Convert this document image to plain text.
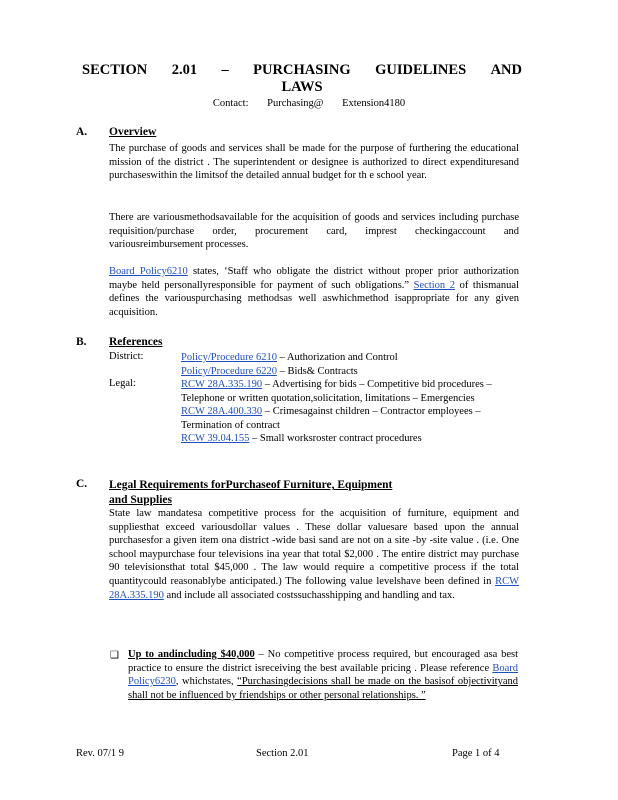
SECTION 2.01 – PURCHASING GUIDELINES AND
LAWS
Contact: Purchasing@ Extension4180
A. Overview
The purchase of goods and services shall be made for the purpose of furthering the educational mission of the district . The superintendent or designee is authorized to direct expendituresand purchaseswithin the limitsof the detailed annual budget for th e school year.
There are variousmethodsavailable for the acquisition of goods and services including purchase requisition/purchase order, procurement card, imprest checkingaccount and variousreimbursement processes.
Board Policy6210 states, ‘Staff who obligate the district without proper prior authorization maybe held personallyresponsible for payment of such obligations.” Section 2 of thismanual defines the variouspurchasing methodsas well aswhichmethod isappropriate for any given acquisition.
B. References
District:	Policy/Procedure 6210 – Authorization and Control
Policy/Procedure 6220 – Bids& Contracts
Legal:	RCW 28A.335.190 – Advertising for bids – Competitive bid procedures – Telephone or written quotation,solicitation, limitations – Emergencies
RCW 28A.400.330 – Crimesagainst children – Contractor employees – Termination of contract
RCW 39.04.155 – Small worksroster contract procedures
C. Legal Requirements forPurchaseof Furniture, Equipment
and Supplies
State law mandatesa competitive process for the acquisition of furniture, equipment and suppliesthat exceed variousdollar values . These dollar valuesare based upon the annual purchasesfor a given item ona district -wide basi sand are not on a site -by -site value . (i.e. One school maypurchase four televisions ina year that total $2,000 . The entire district may purchase 90 televisionsthat total $45,000 . The law would require a competitive process if the total quantitycould reasonablybe anticipated.) The following value levelshave been defined in RCW 28A.335.190 and include all associated costssuchasshipping and handling and tax.
❑ Up to andincluding $40,000 – No competitive process required, but encouraged asa best practice to ensure the district isreceiving the best available pricing . Please reference Board Policy6230, whichstates, “Purchasingdecisions shall be made on the basisof objectivityand shall not be influenced by friendships or other personal relationships. ”
Rev. 07/1 9	Section 2.01	Page 1 of 4
